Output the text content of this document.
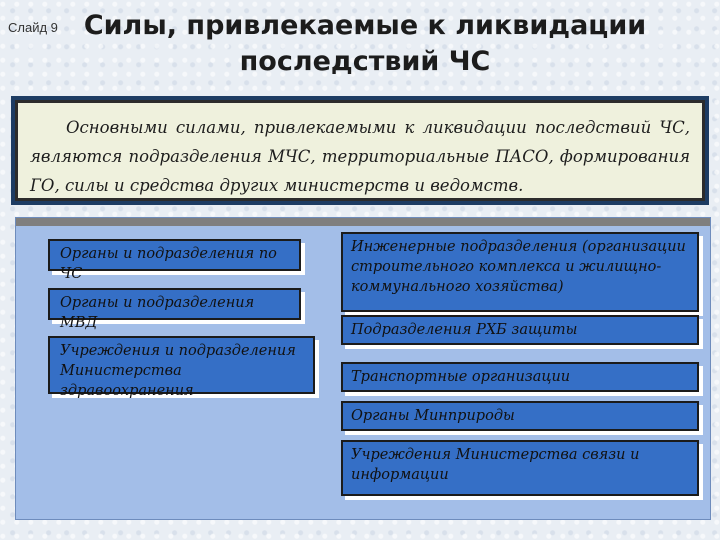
Слайд 9 Силы, привлекаемые к ликвидации последствий ЧС
Основными силами, привлекаемыми к ликвидации последствий ЧС, являются подразделения МЧС, территориальные ПАСО, формирования ГО, силы и средства других министерств и ведомств.
Органы и подразделения по ЧС
Органы и подразделения МВД
Учреждения и подразделения Министерства здравоохранения
Инженерные подразделения (организации строительного комплекса и жилищно-коммунального хозяйства)
Подразделения РХБ защиты
Транспортные организации
Органы Минприроды
Учреждения Министерства связи и информации
